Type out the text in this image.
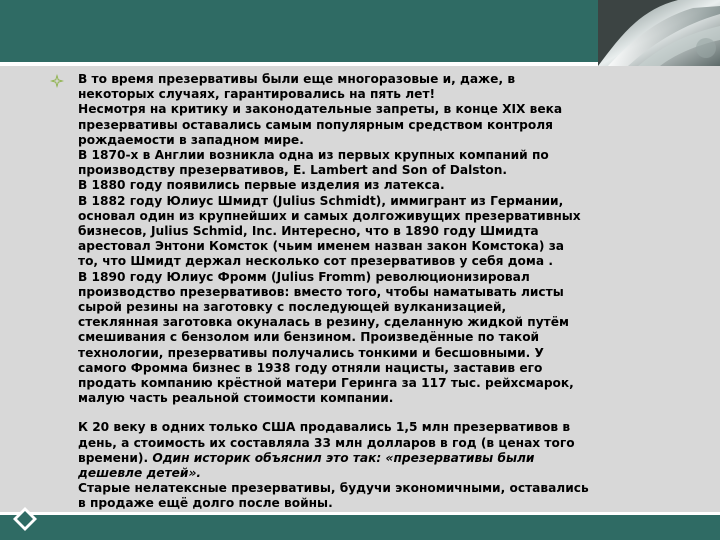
В то время презервативы были еще многоразовые и, даже, в
некоторых случаях, гарантировались на пять лет!
Несмотря на критику и законодательные запреты, в конце XIX века
презервативы оставались самым популярным средством контроля
рождаемости в западном мире.
В 1870-х в Англии возникла одна из первых крупных компаний по
производству презервативов, E. Lambert and Son of Dalston.
В 1880 году появились первые изделия из латекса.
В 1882 году Юлиус Шмидт (Julius Schmidt), иммигрант из Германии,
основал один из крупнейших и самых долгоживущих презервативных
бизнесов, Julius Schmid, Inc. Интересно, что в 1890 году Шмидта
арестовал Энтони Комсток (чьим именем назван закон Комстока) за
то, что Шмидт держал несколько сот презервативов у себя дома .
В 1890 году Юлиус Фромм (Julius Fromm) революционизировал
производство презервативов: вместо того, чтобы наматывать листы
сырой резины на заготовку с последующей вулканизацией,
стеклянная заготовка окуналась в резину, сделанную жидкой путём
смешивания с бензолом или бензином. Произведённые по такой
технологии, презервативы получались тонкими и бесшовными. У
самого Фромма бизнес в 1938 году отняли нацисты, заставив его
продать компанию крёстной матери Геринга за 117 тыс. рейхсмарок,
малую часть реальной стоимости компании.

К 20 веку в одних только США продавались 1,5 млн презервативов в
день, а стоимость их составляла 33 млн долларов в год (в ценах того
времени). Один историк объяснил это так: «презервативы были
дешевле детей».
Старые нелатексные презервативы, будучи экономичными, оставались
в продаже ещё долго после войны.
